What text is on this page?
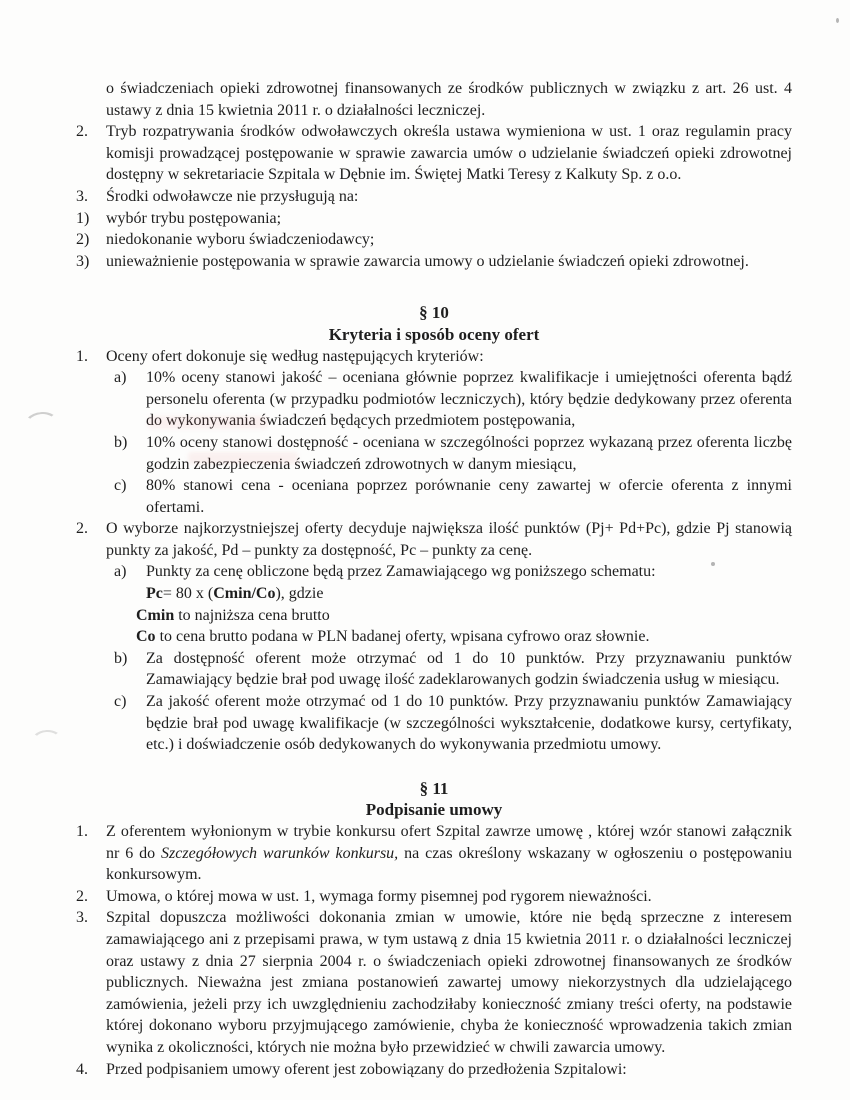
o świadczeniach opieki zdrowotnej finansowanych ze środków publicznych w związku z art. 26 ust. 4 ustawy z dnia 15 kwietnia 2011 r. o działalności leczniczej.

2.	Tryb rozpatrywania środków odwoławczych określa ustawa wymieniona w ust. 1 oraz regulamin pracy komisji prowadzącej postępowanie w sprawie zawarcia umów o udzielanie świadczeń opieki zdrowotnej dostępny w sekretariacie Szpitala w Dębnie im. Świętej Matki Teresy z Kalkuty Sp. z o.o.
3.	Środki odwoławcze nie przysługują na:
1)	wybór trybu postępowania;
2)	niedokonanie wyboru świadczeniodawcy;
3)	unieważnienie postępowania w sprawie zawarcia umowy o udzielanie świadczeń opieki zdrowotnej.

§ 10

Kryteria i sposób oceny ofert

1.	Oceny ofert dokonuje się według następujących kryteriów:
a)	10% oceny stanowi jakość – oceniana głównie poprzez kwalifikacje i umiejętności oferenta bądź personelu oferenta (w przypadku podmiotów leczniczych), który będzie dedykowany przez oferenta do wykonywania świadczeń będących przedmiotem postępowania,
b)	10% oceny stanowi dostępność - oceniana w szczególności poprzez wykazaną przez oferenta liczbę godzin zabezpieczenia świadczeń zdrowotnych w danym miesiącu,
c)	80% stanowi cena - oceniana poprzez porównanie ceny zawartej w ofercie oferenta z innymi ofertami.
2.	O wyborze najkorzystniejszej oferty decyduje największa ilość punktów (Pj+ Pd+Pc), gdzie Pj stanowią punkty za jakość, Pd – punkty za dostępność, Pc – punkty za cenę.
a)	Punkty za cenę obliczone będą przez Zamawiającego wg poniższego schematu:

Pc= 80 x (Cmin/Co), gdzie

Cmin to najniższa cena brutto

Co to cena brutto podana w PLN badanej oferty, wpisana cyfrowo oraz słownie.

b)	Za dostępność oferent może otrzymać od 1 do 10 punktów. Przy przyznawaniu punktów Zamawiający będzie brał pod uwagę ilość zadeklarowanych godzin świadczenia usług w miesiącu.
c)	Za jakość oferent może otrzymać od 1 do 10 punktów. Przy przyznawaniu punktów Zamawiający będzie brał pod uwagę kwalifikacje (w szczególności wykształcenie, dodatkowe kursy, certyfikaty, etc.) i doświadczenie osób dedykowanych do wykonywania przedmiotu umowy.

§ 11

Podpisanie umowy

1.	Z oferentem wyłonionym w trybie konkursu ofert Szpital zawrze umowę , której wzór stanowi załącznik nr 6 do Szczegółowych warunków konkursu, na czas określony wskazany w ogłoszeniu o postępowaniu konkursowym.
2.	Umowa, o której mowa w ust. 1, wymaga formy pisemnej pod rygorem nieważności.
3.	Szpital dopuszcza możliwości dokonania zmian w umowie, które nie będą sprzeczne z interesem zamawiającego ani z przepisami prawa, w tym ustawą z dnia 15 kwietnia 2011 r. o działalności leczniczej oraz ustawy z dnia 27 sierpnia 2004 r. o świadczeniach opieki zdrowotnej finansowanych ze środków publicznych. Nieważna jest zmiana postanowień zawartej umowy niekorzystnych dla udzielającego zamówienia, jeżeli przy ich uwzględnieniu zachodziłaby konieczność zmiany treści oferty, na podstawie której dokonano wyboru przyjmującego zamówienie, chyba że konieczność wprowadzenia takich zmian wynika z okoliczności, których nie można było przewidzieć w chwili zawarcia umowy.
4.	Przed podpisaniem umowy oferent jest zobowiązany do przedłożenia Szpitalowi:
